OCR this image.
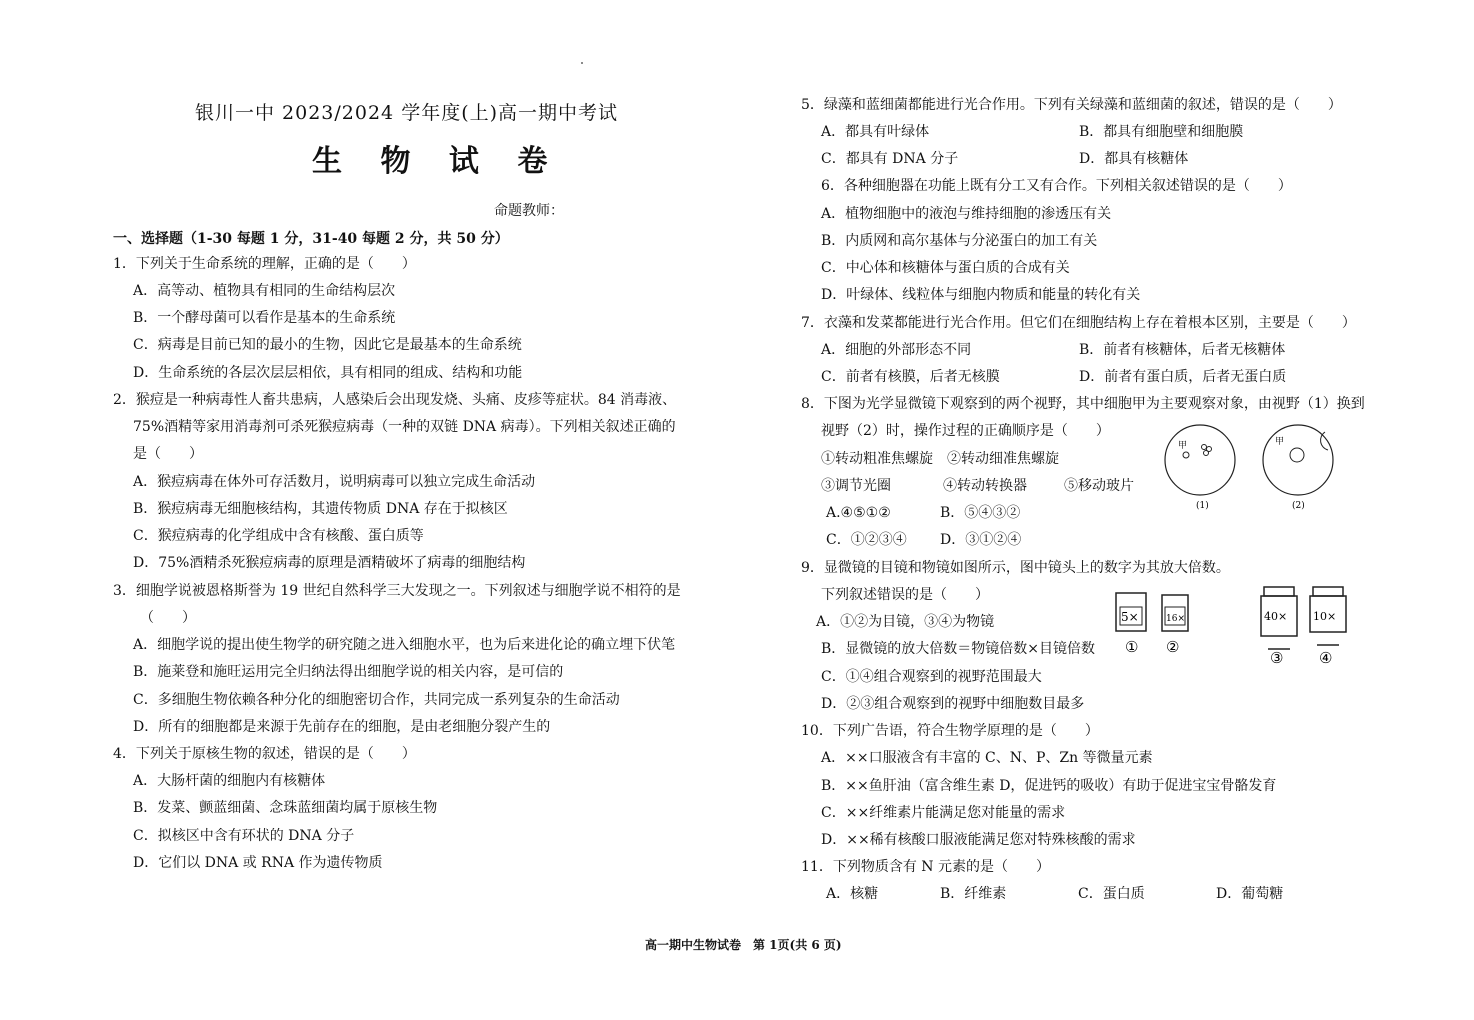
银川一中 2023/2024 学年度(上)高一期中考试
生 物 试 卷
命题教师：
一、选择题（1-30 每题 1 分，31-40 每题 2 分，共 50 分）
1．下列关于生命系统的理解，正确的是（　　）
A．高等动、植物具有相同的生命结构层次
B．一个酵母菌可以看作是基本的生命系统
C．病毒是目前已知的最小的生物，因此它是最基本的生命系统
D．生命系统的各层次层层相依，具有相同的组成、结构和功能
2．猴痘是一种病毒性人畜共患病，人感染后会出现发烧、头痛、皮疹等症状。84 消毒液、
75%酒精等家用消毒剂可杀死猴痘病毒（一种的双链 DNA 病毒）。下列相关叙述正确的
是（　　）
A．猴痘病毒在体外可存活数月，说明病毒可以独立完成生命活动
B．猴痘病毒无细胞核结构，其遗传物质 DNA 存在于拟核区
C．猴痘病毒的化学组成中含有核酸、蛋白质等
D．75%酒精杀死猴痘病毒的原理是酒精破坏了病毒的细胞结构
3．细胞学说被恩格斯誉为 19 世纪自然科学三大发现之一。下列叙述与细胞学说不相符的是
（　　）
A．细胞学说的提出使生物学的研究随之进入细胞水平，也为后来进化论的确立埋下伏笔
B．施莱登和施旺运用完全归纳法得出细胞学说的相关内容，是可信的
C．多细胞生物依赖各种分化的细胞密切合作，共同完成一系列复杂的生命活动
D．所有的细胞都是来源于先前存在的细胞，是由老细胞分裂产生的
4．下列关于原核生物的叙述，错误的是（　　）
A．大肠杆菌的细胞内有核糖体
B．发菜、颤蓝细菌、念珠蓝细菌均属于原核生物
C．拟核区中含有环状的 DNA 分子
D．它们以 DNA 或 RNA 作为遗传物质
5．绿藻和蓝细菌都能进行光合作用。下列有关绿藻和蓝细菌的叙述，错误的是（　　）
A．都具有叶绿体	B．都具有细胞壁和细胞膜
C．都具有 DNA 分子	D．都具有核糖体
6．各种细胞器在功能上既有分工又有合作。下列相关叙述错误的是（　　）
A．植物细胞中的液泡与维持细胞的渗透压有关
B．内质网和高尔基体与分泌蛋白的加工有关
C．中心体和核糖体与蛋白质的合成有关
D．叶绿体、线粒体与细胞内物质和能量的转化有关
7．衣藻和发菜都能进行光合作用。但它们在细胞结构上存在着根本区别，主要是（　　）
A．细胞的外部形态不同	B．前者有核糖体，后者无核糖体
C．前者有核膜，后者无核膜	D．前者有蛋白质，后者无蛋白质
8．下图为光学显微镜下观察到的两个视野，其中细胞甲为主要观察对象，由视野（1）换到
视野（2）时，操作过程的正确顺序是（　　）
①转动粗准焦螺旋　②转动细准焦螺旋
③调节光圈	④转动转换器	⑤移动玻片
A.④⑤①②	B．⑤④③②
C．①②③④ D．③①②④
9．显微镜的目镜和物镜如图所示，图中镜头上的数字为其放大倍数。
下列叙述错误的是（　　）
A．①②为目镜，③④为物镜
B．显微镜的放大倍数＝物镜倍数×目镜倍数
C．①④组合观察到的视野范围最大
D．②③组合观察到的视野中细胞数目最多
10．下列广告语，符合生物学原理的是（　　）
A．××口服液含有丰富的 C、N、P、Zn 等微量元素
B．××鱼肝油（富含维生素 D，促进钙的吸收）有助于促进宝宝骨骼发育
C．××纤维素片能满足您对能量的需求
D．××稀有核酸口服液能满足您对特殊核酸的需求
11．下列物质含有 N 元素的是（　　）
A．核糖	B．纤维素	C．蛋白质	D．葡萄糖
甲
(1)
甲
(2)
5×	16×	40× 10×
① ②
③ ④
高一期中生物试卷　第 1页(共 6 页)
